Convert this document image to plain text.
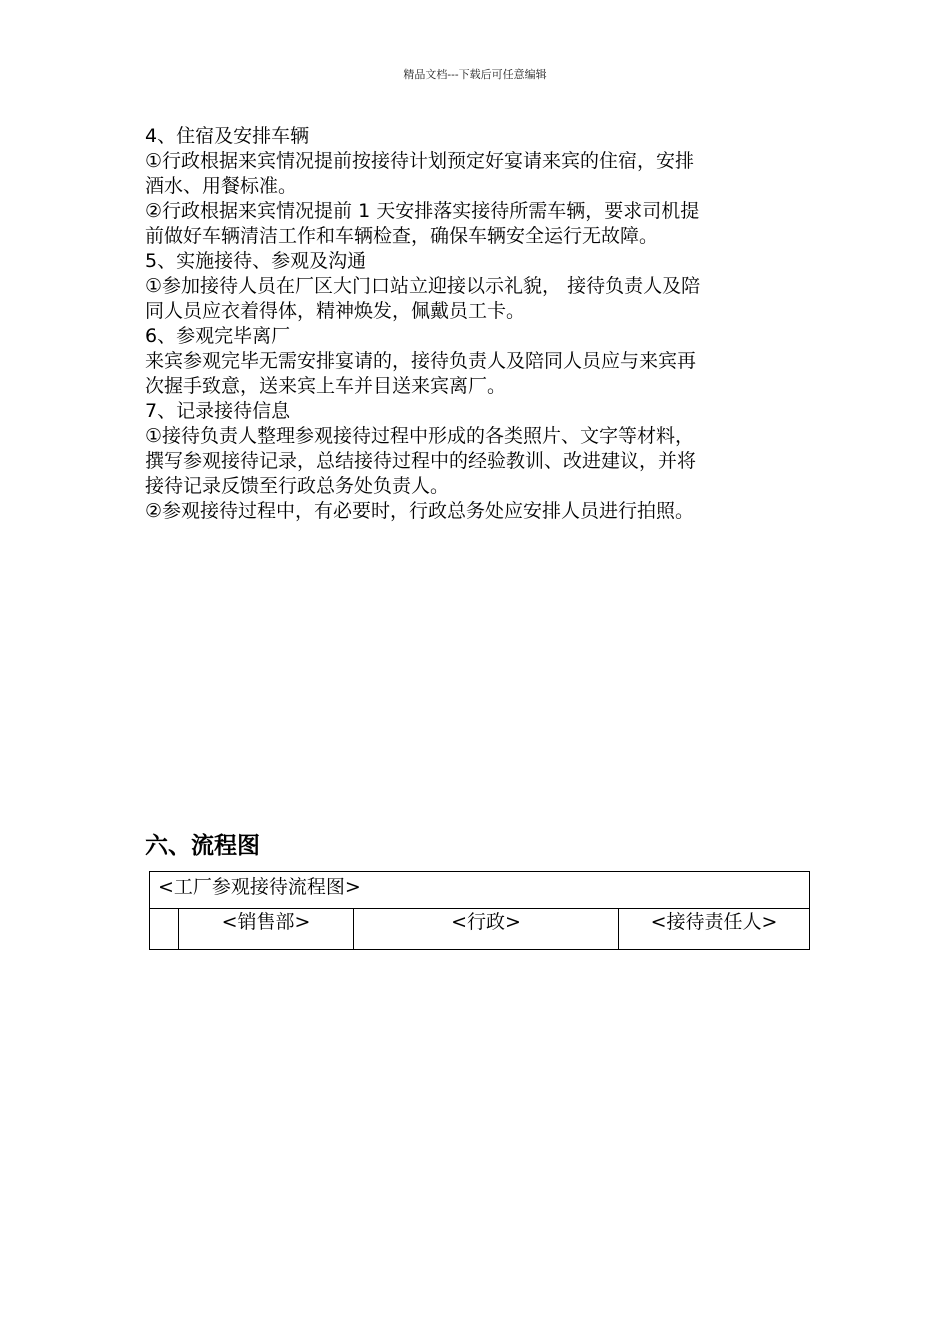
精品文档---下载后可任意编辑

4、住宿及安排车辆

①行政根据来宾情况提前按接待计划预定好宴请来宾的住宿，安排

酒水、用餐标准。

②行政根据来宾情况提前 1 天安排落实接待所需车辆，要求司机提

前做好车辆清洁工作和车辆检查，确保车辆安全运行无故障。

5、实施接待、参观及沟通

①参加接待人员在厂区大门口站立迎接以示礼貌， 接待负责人及陪

同人员应衣着得体，精神焕发，佩戴员工卡。

6、参观完毕离厂

来宾参观完毕无需安排宴请的，接待负责人及陪同人员应与来宾再

次握手致意，送来宾上车并目送来宾离厂。

7、记录接待信息

①接待负责人整理参观接待过程中形成的各类照片、文字等材料，

撰写参观接待记录，总结接待过程中的经验教训、改进建议，并将

接待记录反馈至行政总务处负责人。

②参观接待过程中，有必要时，行政总务处应安排人员进行拍照。

六、流程图
<工厂参观接待流程图>
	<销售部>	<行政>	<接待责任人>
